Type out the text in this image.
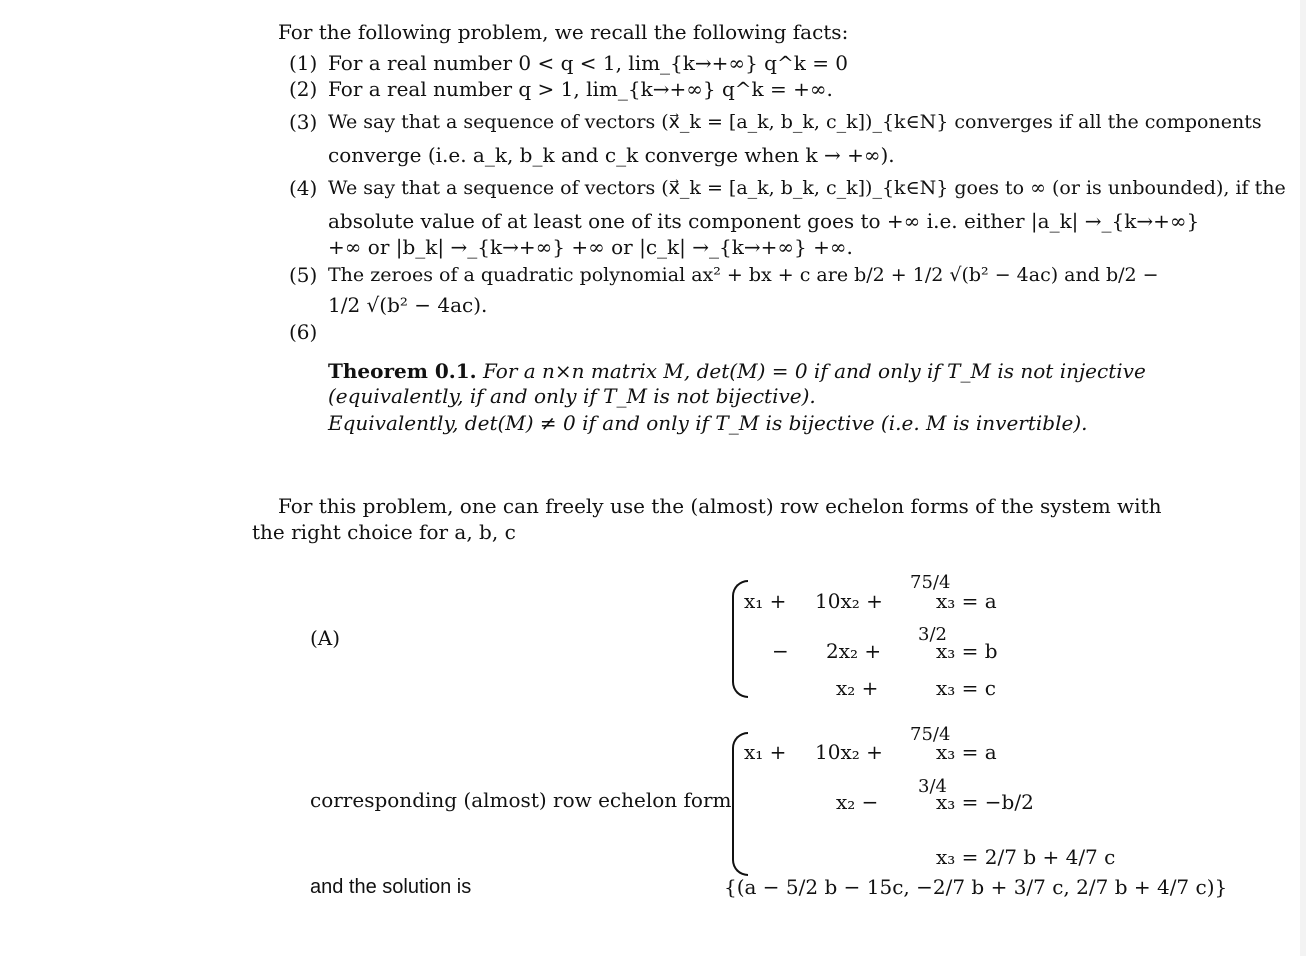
For the following problem, we recall the following facts:
(1) For a real number 0 < q < 1, lim_{k→+∞} q^k = 0
(2) For a real number q > 1, lim_{k→+∞} q^k = +∞.
(3) We say that a sequence of vectors (x⃗_k = [a_k, b_k, c_k])_{k∈N} converges if all the components
converge (i.e. a_k, b_k and c_k converge when k → +∞).
(4) We say that a sequence of vectors (x⃗_k = [a_k, b_k, c_k])_{k∈N} goes to ∞ (or is unbounded), if the
absolute value of at least one of its component goes to +∞ i.e. either |a_k| →_{k→+∞}
+∞ or |b_k| →_{k→+∞} +∞ or |c_k| →_{k→+∞} +∞.
(5) The zeroes of a quadratic polynomial ax² + bx + c are b/2 + 1/2 √(b² − 4ac) and b/2 −
1/2 √(b² − 4ac).
(6)
Theorem 0.1. For a n×n matrix M, det(M) = 0 if and only if T_M is not injective
(equivalently, if and only if T_M is not bijective).
Equivalently, det(M) ≠ 0 if and only if T_M is bijective (i.e. M is invertible).
For this problem, one can freely use the (almost) row echelon forms of the system with
the right choice for a, b, c
(A)
x₁ + 10x₂ +
75/4
x₃ = a
− 2x₂ +
3/2
x₃ = b
x₂ +	x₃ = c
corresponding (almost) row echelon form
x₁ + 10x₂ +
75/4
x₃ = a
x₂ −
3/4
x₃ = −b/2
x₃ = 2/7 b + 4/7 c
and the solution is	{(a − 5/2 b − 15c, −2/7 b + 3/7 c, 2/7 b + 4/7 c)}
